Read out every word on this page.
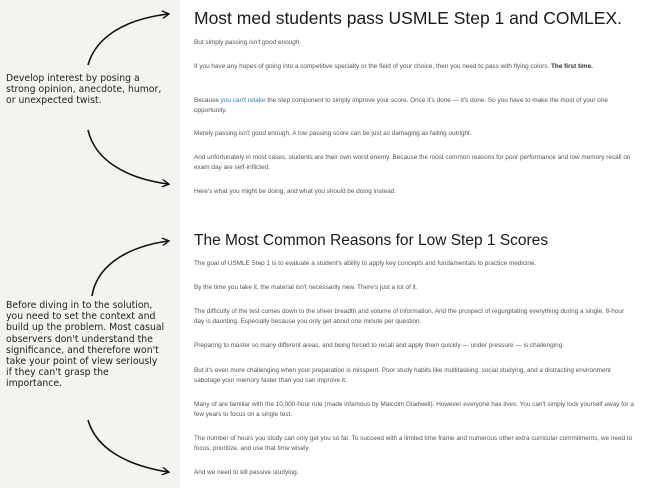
Develop interest by posing a strong opinion, anecdote, humor, or unexpected twist.
Before diving in to the solution, you need to set the context and build up the problem. Most casual observers don't understand the significance, and therefore won't take your point of view seriously if they can't grasp the importance.
Most med students pass USMLE Step 1 and COMLEX.

But simply passing isn't good enough.

If you have any hopes of going into a competitive specialty or the field of your choice, then you need to pass with flying colors. The first time.

Because you can't retake the step component to simply improve your score. Once it's done — it's done. So you have to make the most of your one opportunity.

Merely passing isn't good enough. A low passing score can be just as damaging as failing outright.

And unfortunately in most cases, students are their own worst enemy. Because the most common reasons for poor performance and low memory recall on exam day are self-inflicted.

Here's what you might be doing, and what you should be doing instead.

The Most Common Reasons for Low Step 1 Scores

The goal of USMLE Step 1 is to evaluate a student's ability to apply key concepts and fundamentals to practice medicine.

By the time you take it, the material isn't necessarily new. There's just a lot of it.

The difficulty of the test comes down to the sheer breadth and volume of information. And the prospect of regurgitating everything during a single, 8-hour day is daunting. Especially because you only get about one minute per question.

Preparing to master so many different areas, and being forced to recall and apply them quickly — under pressure — is challenging.

But it's even more challenging when your preparation is misspent. Poor study habits like multitasking, social studying, and a distracting environment sabotage your memory faster than you can improve it.

Many of are familiar with the 10,000-hour rule (made infamous by Malcolm Gladwell). However everyone has lives. You can't simply lock yourself away for a few years to focus on a single test.

The number of hours you study can only get you so far. To succeed with a limited time frame and numerous other extra curricular commitments, we need to focus, prioritize, and use that time wisely.

And we need to kill passive studying.
